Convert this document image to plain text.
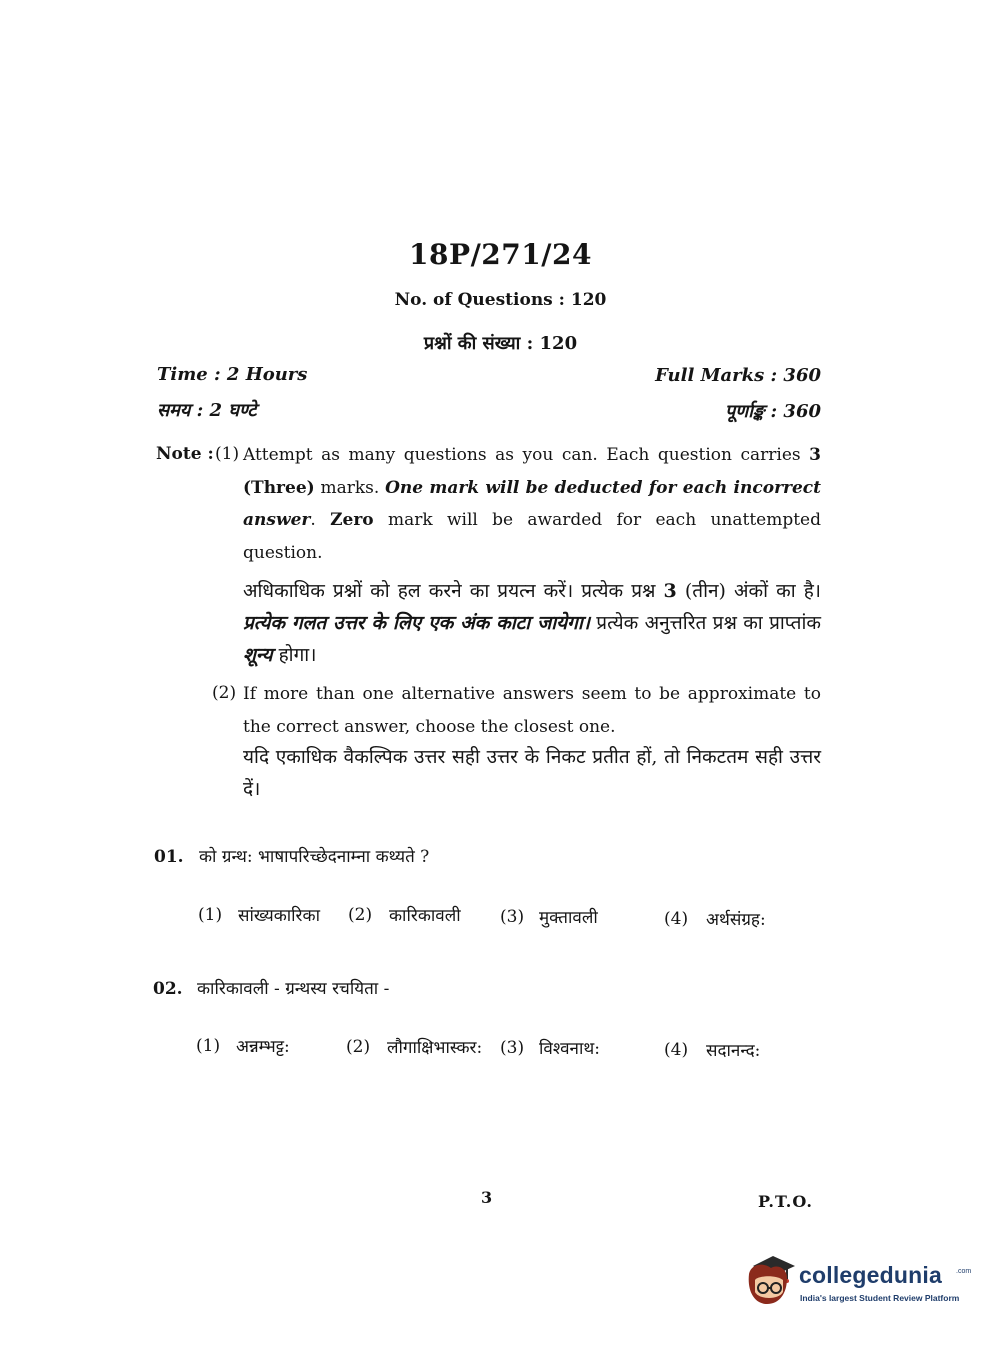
18P/271/24
No. of Questions : 120
प्रश्नों की संख्या : 120
Time : 2 Hours	Full Marks : 360
समय : 2 घण्टे	पूर्णाङ्क : 360
Note : (1) Attempt as many questions as you can. Each question carries 3 (Three) marks. One mark will be deducted for each incorrect answer. Zero mark will be awarded for each unattempted question.
अधिकाधिक प्रश्नों को हल करने का प्रयत्न करें। प्रत्येक प्रश्न 3 (तीन) अंकों का है। प्रत्येक गलत उत्तर के लिए एक अंक काटा जायेगा। प्रत्येक अनुत्तरित प्रश्न का प्राप्तांक शून्य होगा।
(2) If more than one alternative answers seem to be approximate to the correct answer, choose the closest one.
यदि एकाधिक वैकल्पिक उत्तर सही उत्तर के निकट प्रतीत हों, तो निकटतम सही उत्तर दें।
01. को ग्रन्थ: भाषापरिच्छेदनाम्ना कथ्यते ?
(1) सांख्यकारिका (2) कारिकावली (3) मुक्तावली	(4) अर्थसंग्रह:
02. कारिकावली - ग्रन्थस्य रचयिता -
(1) अन्नम्भट्ट:	(2) लौगाक्षिभास्कर: (3) विश्वनाथ:	(4) सदानन्द:
3	P.T.O.
collegedunia .com
India's largest Student Review Platform
